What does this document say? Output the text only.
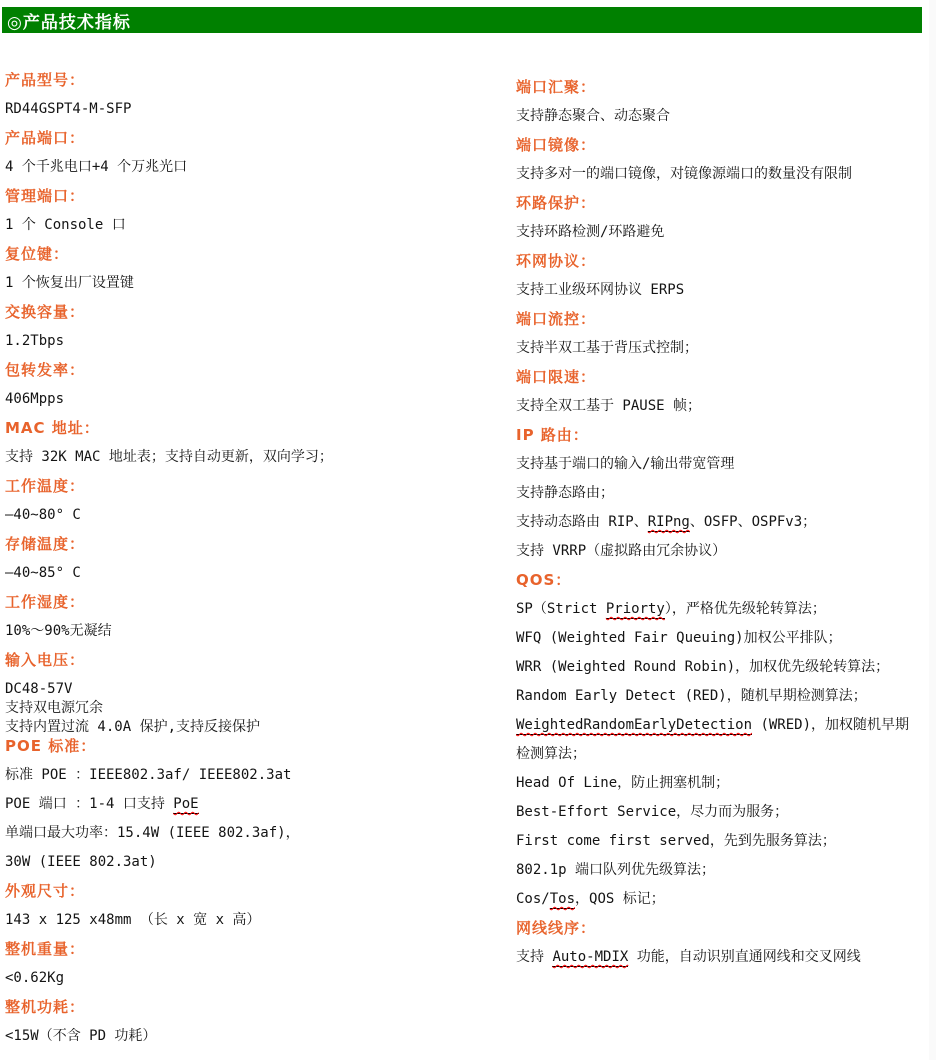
◎产品技术指标

产品型号：

RD44GSPT4-M-SFP

产品端口：

4 个千兆电口+4 个万兆光口

管理端口：

1 个 Console 口

复位键：

1 个恢复出厂设置键

交换容量：

1.2Tbps

包转发率：

406Mpps

MAC 地址：

支持 32K MAC 地址表；支持自动更新，双向学习；

工作温度：

—40~80° C

存储温度：

—40~85° C

工作湿度：

10%～90%无凝结

输入电压：

DC48-57V

支持双电源冗余

支持内置过流 4.0A 保护,支持反接保护

POE 标准：

标准 POE ：IEEE802.3af/ IEEE802.3at

POE 端口 ：1-4 口支持 PoE

单端口最大功率：15.4W (IEEE 802.3af)，

30W (IEEE 802.3at)

外观尺寸：

143 x 125 x48mm （长 x 宽 x 高）

整机重量：

<0.62Kg

整机功耗：

<15W（不含 PD 功耗）

端口汇聚：

支持静态聚合、动态聚合

端口镜像：

支持多对一的端口镜像，对镜像源端口的数量没有限制

环路保护：

支持环路检测/环路避免

环网协议：

支持工业级环网协议 ERPS

端口流控：

支持半双工基于背压式控制；

端口限速：

支持全双工基于 PAUSE 帧；

IP 路由：

支持基于端口的输入/输出带宽管理

支持静态路由；

支持动态路由 RIP、RIPng、OSFP、OSPFv3；

支持 VRRP（虚拟路由冗余协议）

QOS：

SP（Strict Priorty），严格优先级轮转算法；

WFQ (Weighted Fair Queuing)加权公平排队；

WRR (Weighted Round Robin)，加权优先级轮转算法；

Random Early Detect (RED)，随机早期检测算法；

WeightedRandomEarlyDetection (WRED)，加权随机早期

检测算法；

Head Of Line，防止拥塞机制；

Best-Effort Service，尽力而为服务；

First come first served，先到先服务算法；

802.1p 端口队列优先级算法；

Cos/Tos，QOS 标记；

网线线序：

支持 Auto-MDIX 功能，自动识别直通网线和交叉网线
